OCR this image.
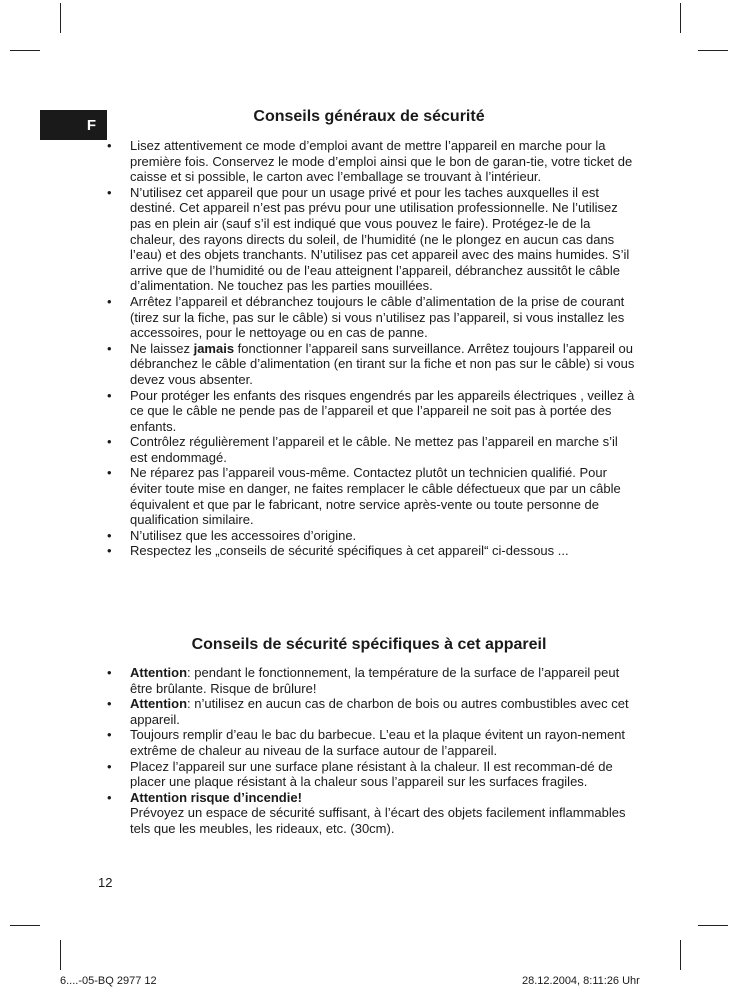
F	Conseils généraux de sécurité
• Lisez attentivement ce mode d’emploi avant de mettre l’appareil en marche pour la première fois. Conservez le mode d’emploi ainsi que le bon de garan-tie, votre ticket de caisse et si possible, le carton avec l’emballage se trouvant à l’intérieur.
• N’utilisez cet appareil que pour un usage privé et pour les taches auxquelles il est destiné. Cet appareil n’est pas prévu pour une utilisation professionnelle. Ne l’utilisez pas en plein air (sauf s’il est indiqué que vous pouvez le faire). Protégez-le de la chaleur, des rayons directs du soleil, de l’humidité (ne le plongez en aucun cas dans l’eau) et des objets tranchants. N’utilisez pas cet appareil avec des mains humides. S’il arrive que de l’humidité ou de l’eau atteignent l’appareil, débranchez aussitôt le câble d’alimentation. Ne touchez pas les parties mouillées.
• Arrêtez l’appareil et débranchez toujours le câble d’alimentation de la prise de courant (tirez sur la fiche, pas sur le câble) si vous n’utilisez pas l’appareil, si vous installez les accessoires, pour le nettoyage ou en cas de panne.
• Ne laissez jamais fonctionner l’appareil sans surveillance. Arrêtez toujours l’appareil ou débranchez le câble d’alimentation (en tirant sur la fiche et non pas sur le câble) si vous devez vous absenter.
• Pour protéger les enfants des risques engendrés par les appareils électriques , veillez à ce que le câble ne pende pas de l’appareil et que l’appareil ne soit pas à portée des enfants.
• Contrôlez régulièrement l’appareil et le câble. Ne mettez pas l’appareil en marche s’il est endommagé.
• Ne réparez pas l’appareil vous-même. Contactez plutôt un technicien qualifié. Pour éviter toute mise en danger, ne faites remplacer le câble défectueux que par un câble équivalent et que par le fabricant, notre service après-vente ou toute personne de qualification similaire.
• N’utilisez que les accessoires d’origine.
• Respectez les „conseils de sécurité spécifiques à cet appareil“ ci-dessous ...
Conseils de sécurité spécifiques à cet appareil
• Attention: pendant le fonctionnement, la température de la surface de l’appareil peut être brûlante. Risque de brûlure!
• Attention: n’utilisez en aucun cas de charbon de bois ou autres combustibles avec cet appareil.
• Toujours remplir d’eau le bac du barbecue. L’eau et la plaque évitent un rayon-nement extrême de chaleur au niveau de la surface autour de l’appareil.
• Placez l’appareil sur une surface plane résistant à la chaleur. Il est recomman-dé de placer une plaque résistant à la chaleur sous l’appareil sur les surfaces fragiles.
• Attention risque d’incendie!
Prévoyez un espace de sécurité suffisant, à l’écart des objets facilement inflammables tels que les meubles, les rideaux, etc. (30cm).
12
6....-05-BQ 2977 12	28.12.2004, 8:11:26 Uhr
